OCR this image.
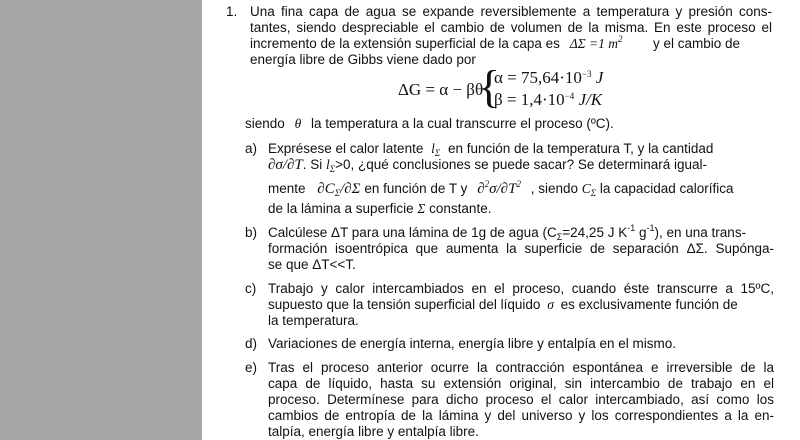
1. Una fina capa de agua se expande reversiblemente a temperatura y presión cons-
tantes, siendo despreciable el cambio de volumen de la misma. En este proceso el
incremento de la extensión superficial de la capa es ΔΣ =1 $m^2$ y el cambio de
energía libre de Gibbs viene dado por
ΔG = α − βθ
{
$\alpha = 75,64\cdot 10^{-3}$ J
$\beta = 1,4\cdot 10^{-4}$ J/K
siendo θ la temperatura a la cual transcurre el proceso (ºC).
a) Exprésese el calor latente $l_\Sigma$ en función de la temperatura T, y la cantidad
∂σ/∂T. Si $l_\Sigma>0$, ¿qué conclusiones se puede sacar? Se determinará igual-
mente $\partial C_\Sigma/\partial\Sigma$ en función de T y $\partial^2\sigma/\partial T^2$ , siendo $C_\Sigma$ la capacidad calorífica
de la lámina a superficie Σ constante.
b) Calcúlese ΔT para una lámina de 1g de agua ($C_\Sigma=24,25$ J $K^{-1}$ $g^{-1}$), en una trans-
formación isoentrópica que aumenta la superficie de separación ΔΣ. Supónga-
se que ΔT<<T.
c) Trabajo y calor intercambiados en el proceso, cuando éste transcurre a 15ºC,
supuesto que la tensión superficial del líquido σ es exclusivamente función de
la temperatura.
d) Variaciones de energía interna, energía libre y entalpía en el mismo.
e) Tras el proceso anterior ocurre la contracción espontánea e irreversible de la
capa de líquido, hasta su extensión original, sin intercambio de trabajo en el
proceso. Determínese para dicho proceso el calor intercambiado, así como los
cambios de entropía de la lámina y del universo y los correspondientes a la en-
talpía, energía libre y entalpía libre.
